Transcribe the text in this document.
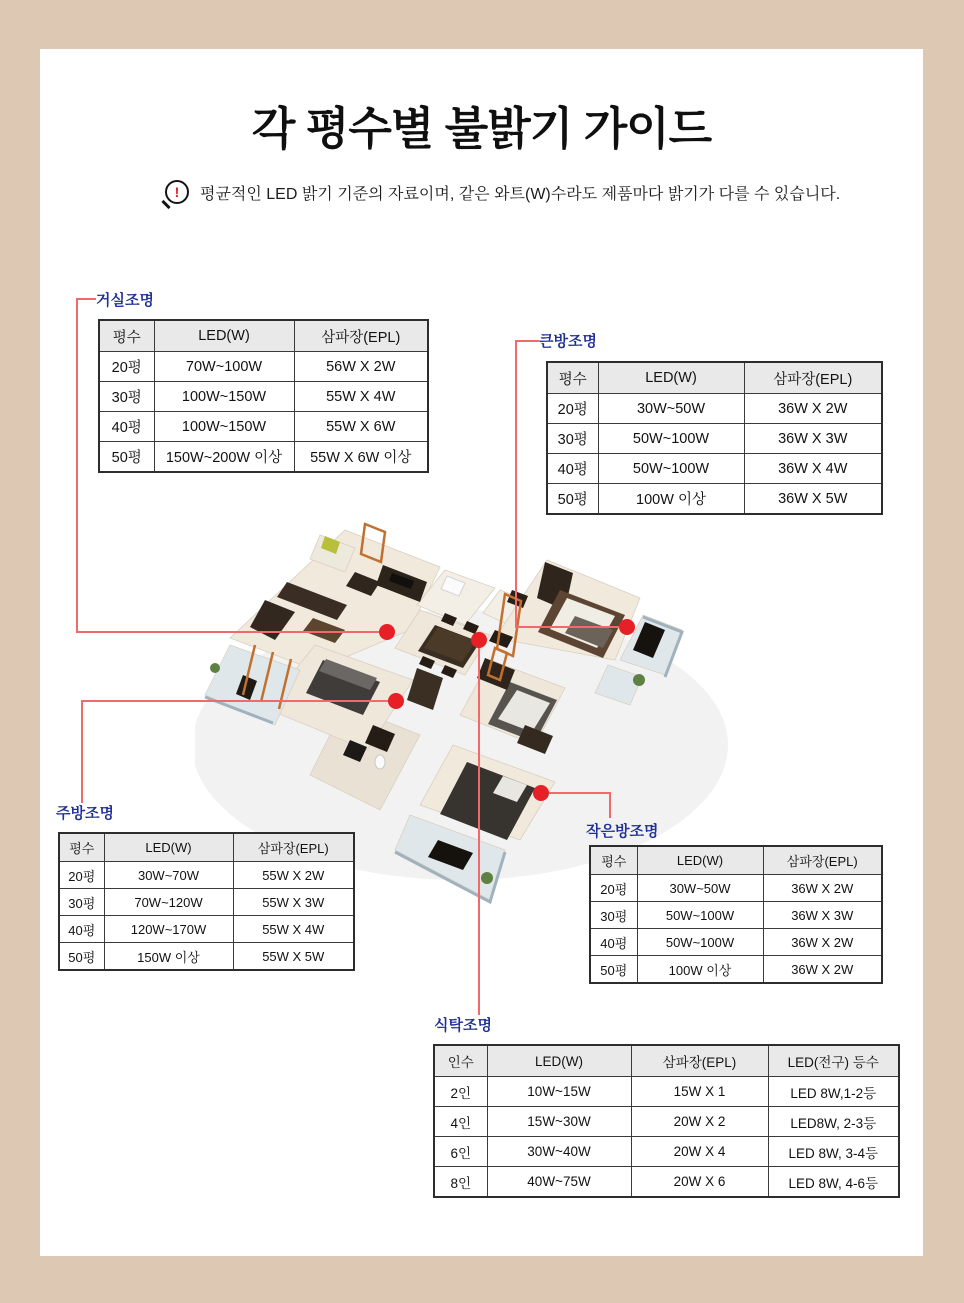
각 평수별 불밝기 가이드
! 평균적인 LED 밝기 기준의 자료이며, 같은 와트(W)수라도 제품마다 밝기가 다를 수 있습니다.
거실조명
평수	LED(W)	삼파장(EPL)
20평	70W~100W	56W X 2W
30평	100W~150W	55W X 4W
40평	100W~150W	55W X 6W
50평	150W~200W 이상	55W X 6W 이상
큰방조명
평수	LED(W)	삼파장(EPL)
20평	30W~50W	36W X 2W
30평	50W~100W	36W X 3W
40평	50W~100W	36W X 4W
50평	100W 이상	36W X 5W
주방조명
평수	LED(W)	삼파장(EPL)
20평	30W~70W	55W X 2W
30평	70W~120W	55W X 3W
40평	120W~170W	55W X 4W
50평	150W 이상	55W X 5W
작은방조명
평수	LED(W)	삼파장(EPL)
20평	30W~50W	36W X 2W
30평	50W~100W	36W X 3W
40평	50W~100W	36W X 2W
50평	100W 이상	36W X 2W
식탁조명
인수	LED(W)	삼파장(EPL)	LED(전구) 등수
2인	10W~15W	15W X 1	LED 8W,1-2등
4인	15W~30W	20W X 2	LED8W, 2-3등
6인	30W~40W	20W X 4	LED 8W, 3-4등
8인	40W~75W	20W X 6	LED 8W, 4-6등
